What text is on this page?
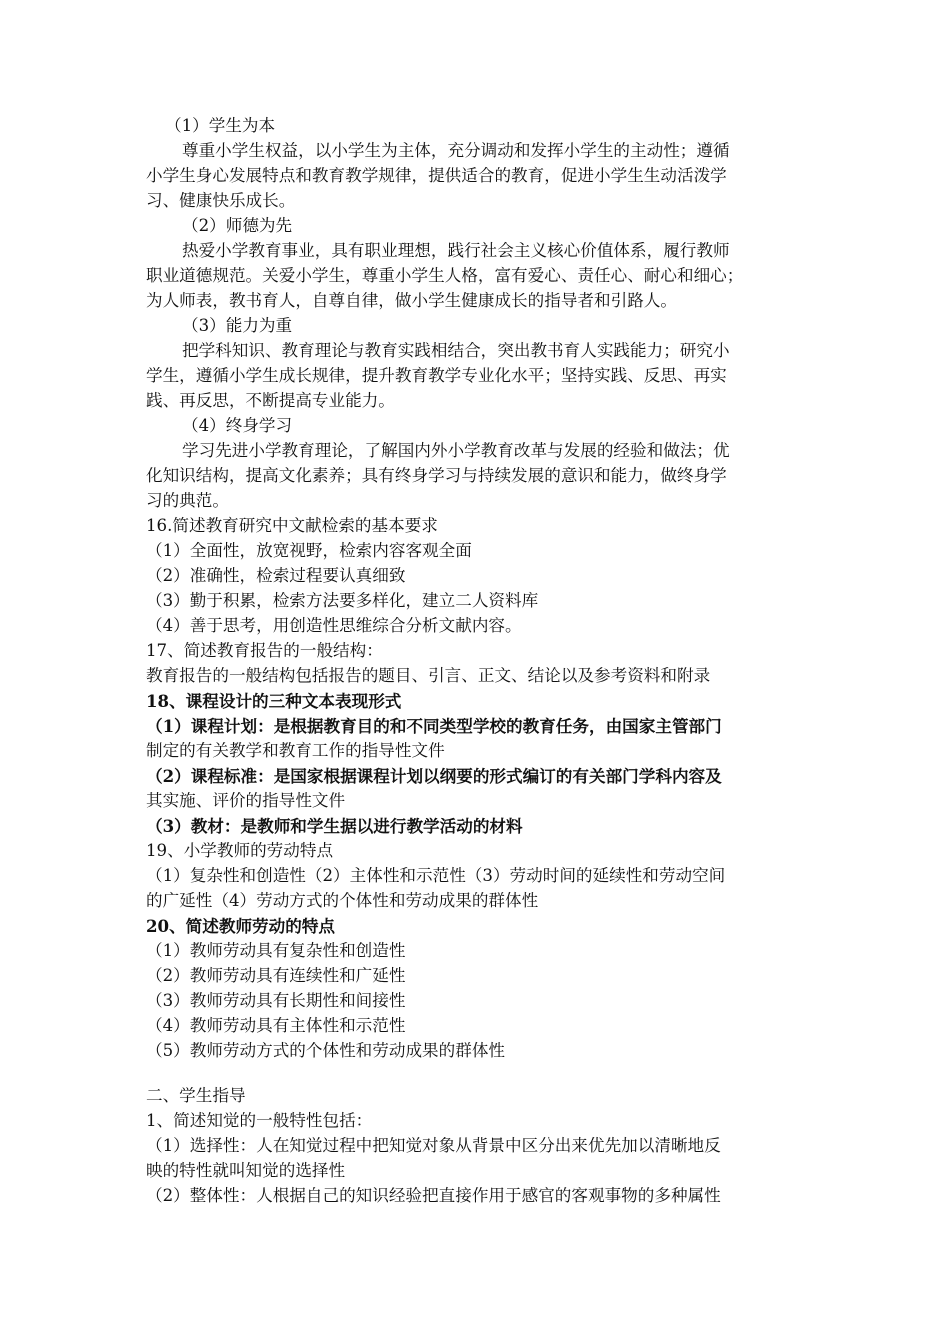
（1）学生为本
尊重小学生权益，以小学生为主体，充分调动和发挥小学生的主动性；遵循
小学生身心发展特点和教育教学规律，提供适合的教育，促进小学生生动活泼学
习、健康快乐成长。
（2）师德为先
热爱小学教育事业，具有职业理想，践行社会主义核心价值体系，履行教师
职业道德规范。关爱小学生，尊重小学生人格，富有爱心、责任心、耐心和细心；
为人师表，教书育人，自尊自律，做小学生健康成长的指导者和引路人。
（3）能力为重
把学科知识、教育理论与教育实践相结合，突出教书育人实践能力；研究小
学生，遵循小学生成长规律，提升教育教学专业化水平；坚持实践、反思、再实
践、再反思，不断提高专业能力。
（4）终身学习
学习先进小学教育理论，了解国内外小学教育改革与发展的经验和做法；优
化知识结构，提高文化素养；具有终身学习与持续发展的意识和能力，做终身学
习的典范。
16.简述教育研究中文献检索的基本要求
（1）全面性，放宽视野，检索内容客观全面
（2）准确性，检索过程要认真细致
（3）勤于积累，检索方法要多样化，建立二人资料库
（4）善于思考，用创造性思维综合分析文献内容。
17、简述教育报告的一般结构：
教育报告的一般结构包括报告的题目、引言、正文、结论以及参考资料和附录
18、课程设计的三种文本表现形式
（1）课程计划：是根据教育目的和不同类型学校的教育任务，由国家主管部门
制定的有关教学和教育工作的指导性文件
（2）课程标准：是国家根据课程计划以纲要的形式编订的有关部门学科内容及
其实施、评价的指导性文件
（3）教材：是教师和学生据以进行教学活动的材料
19、小学教师的劳动特点
（1）复杂性和创造性（2）主体性和示范性（3）劳动时间的延续性和劳动空间
的广延性（4）劳动方式的个体性和劳动成果的群体性
20、简述教师劳动的特点
（1）教师劳动具有复杂性和创造性
（2）教师劳动具有连续性和广延性
（3）教师劳动具有长期性和间接性
（4）教师劳动具有主体性和示范性
（5）教师劳动方式的个体性和劳动成果的群体性
二、学生指导
1、简述知觉的一般特性包括：
（1）选择性：人在知觉过程中把知觉对象从背景中区分出来优先加以清晰地反
映的特性就叫知觉的选择性
（2）整体性：人根据自己的知识经验把直接作用于感官的客观事物的多种属性
